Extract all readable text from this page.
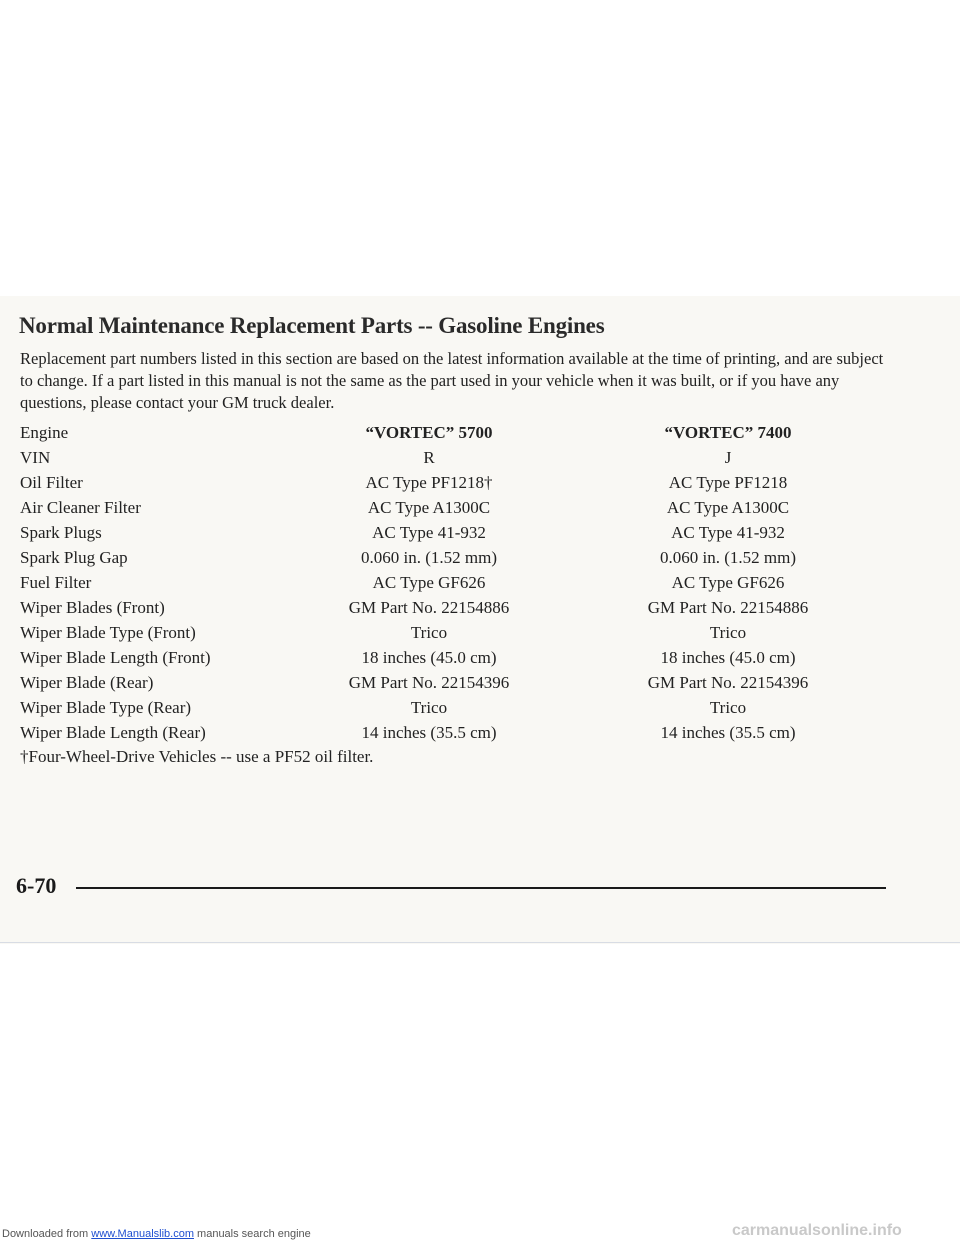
Normal Maintenance Replacement Parts -- Gasoline Engines

Replacement part numbers listed in this section are based on the latest information available at the time of printing, and are subject to change. If a part listed in this manual is not the same as the part used in your vehicle when it was built, or if you have any questions, please contact your GM truck dealer.

Engine	“VORTEC” 5700		“VORTEC” 7400
VIN	R		J
Oil Filter	AC Type PF1218†		AC Type PF1218
Air Cleaner Filter	AC Type A1300C		AC Type A1300C
Spark Plugs	AC Type 41-932		AC Type 41-932
Spark Plug Gap	0.060 in. (1.52 mm)		0.060 in. (1.52 mm)
Fuel Filter	AC Type GF626		AC Type GF626
Wiper Blades (Front)	GM Part No. 22154886		GM Part No. 22154886
Wiper Blade Type (Front)	Trico		Trico
Wiper Blade Length (Front)	18 inches (45.0 cm)		18 inches (45.0 cm)
Wiper Blade (Rear)	GM Part No. 22154396		GM Part No. 22154396
Wiper Blade Type (Rear)	Trico		Trico
Wiper Blade Length (Rear)	14 inches (35.5 cm)		14 inches (35.5 cm)

†Four-Wheel-Drive Vehicles -- use a PF52 oil filter.

6-70

Downloaded from www.Manualslib.com manuals search engine	carmanualsonline.info
